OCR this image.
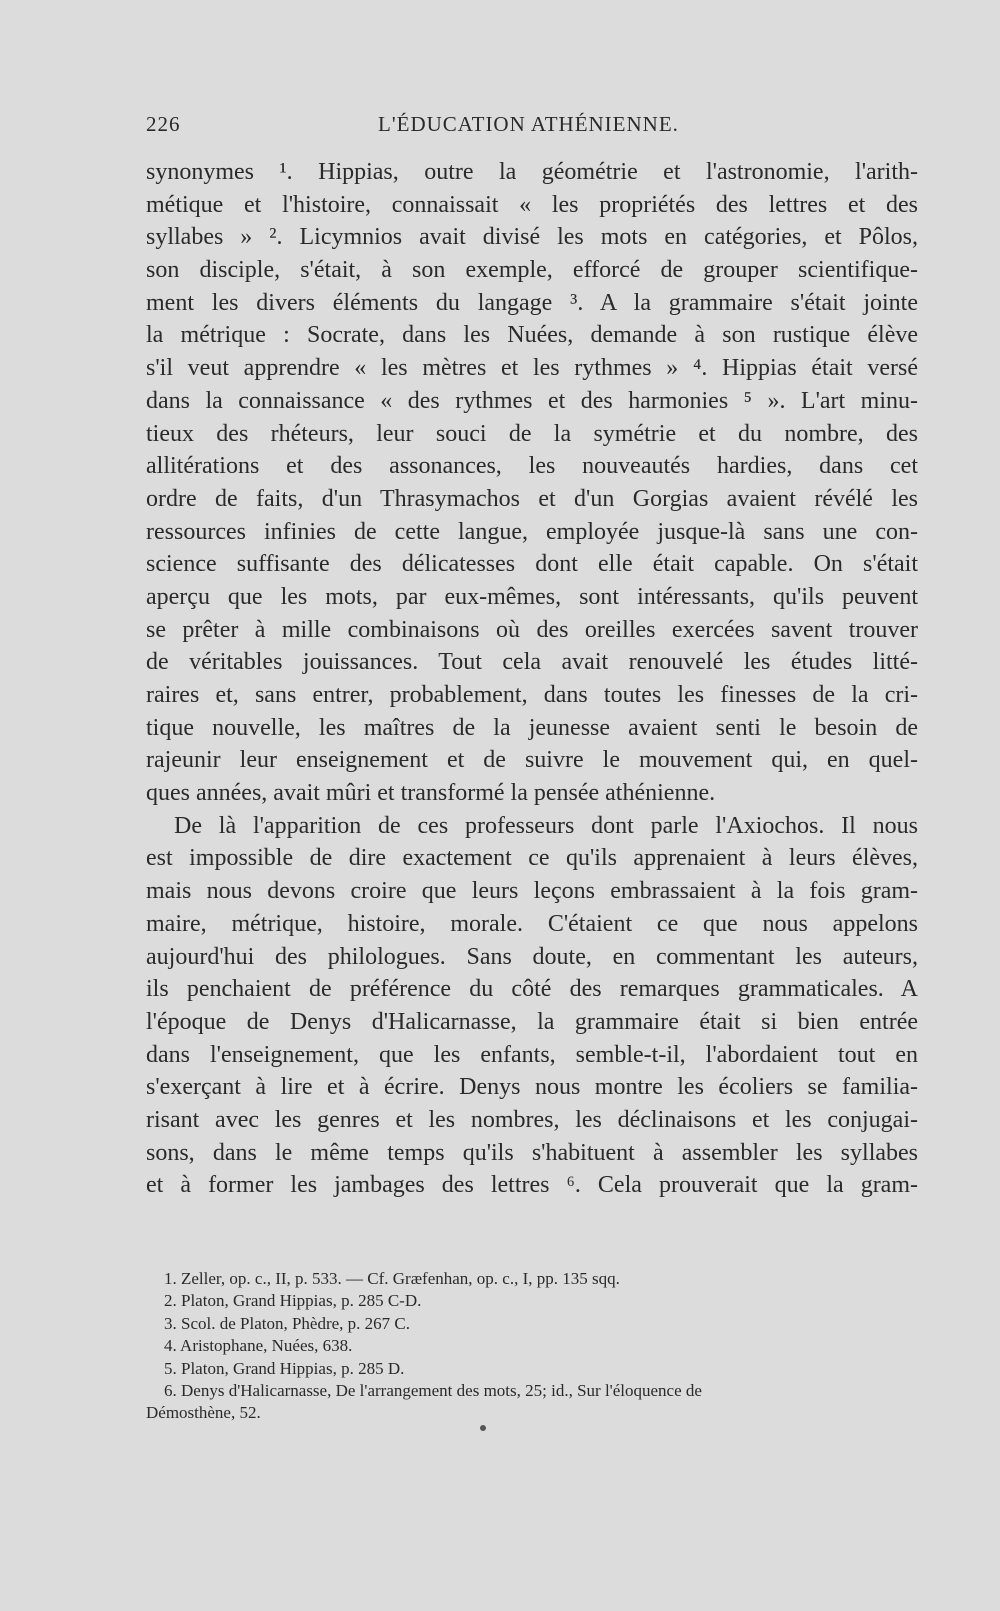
226	L'ÉDUCATION ATHÉNIENNE.
synonymes ¹. Hippias, outre la géométrie et l'astronomie, l'arith-
métique et l'histoire, connaissait « les propriétés des lettres et des
syllabes » ². Licymnios avait divisé les mots en catégories, et Pôlos,
son disciple, s'était, à son exemple, efforcé de grouper scientifique-
ment les divers éléments du langage ³. A la grammaire s'était jointe
la métrique : Socrate, dans les Nuées, demande à son rustique élève
s'il veut apprendre « les mètres et les rythmes » ⁴. Hippias était versé
dans la connaissance « des rythmes et des harmonies ⁵ ». L'art minu-
tieux des rhéteurs, leur souci de la symétrie et du nombre, des
allitérations et des assonances, les nouveautés hardies, dans cet
ordre de faits, d'un Thrasymachos et d'un Gorgias avaient révélé les
ressources infinies de cette langue, employée jusque-là sans une con-
science suffisante des délicatesses dont elle était capable. On s'était
aperçu que les mots, par eux-mêmes, sont intéressants, qu'ils peuvent
se prêter à mille combinaisons où des oreilles exercées savent trouver
de véritables jouissances. Tout cela avait renouvelé les études litté-
raires et, sans entrer, probablement, dans toutes les finesses de la cri-
tique nouvelle, les maîtres de la jeunesse avaient senti le besoin de
rajeunir leur enseignement et de suivre le mouvement qui, en quel-
ques années, avait mûri et transformé la pensée athénienne.
De là l'apparition de ces professeurs dont parle l'Axiochos. Il nous
est impossible de dire exactement ce qu'ils apprenaient à leurs élèves,
mais nous devons croire que leurs leçons embrassaient à la fois gram-
maire, métrique, histoire, morale. C'étaient ce que nous appelons
aujourd'hui des philologues. Sans doute, en commentant les auteurs,
ils penchaient de préférence du côté des remarques grammaticales. A
l'époque de Denys d'Halicarnasse, la grammaire était si bien entrée
dans l'enseignement, que les enfants, semble-t-il, l'abordaient tout en
s'exerçant à lire et à écrire. Denys nous montre les écoliers se familia-
risant avec les genres et les nombres, les déclinaisons et les conjugai-
sons, dans le même temps qu'ils s'habituent à assembler les syllabes
et à former les jambages des lettres ⁶. Cela prouverait que la gram-
1. Zeller, op. c., II, p. 533. — Cf. Græfenhan, op. c., I, pp. 135 sqq.
2. Platon, Grand Hippias, p. 285 C-D.
3. Scol. de Platon, Phèdre, p. 267 C.
4. Aristophane, Nuées, 638.
5. Platon, Grand Hippias, p. 285 D.
6. Denys d'Halicarnasse, De l'arrangement des mots, 25; id., Sur l'éloquence de
Démosthène, 52.
